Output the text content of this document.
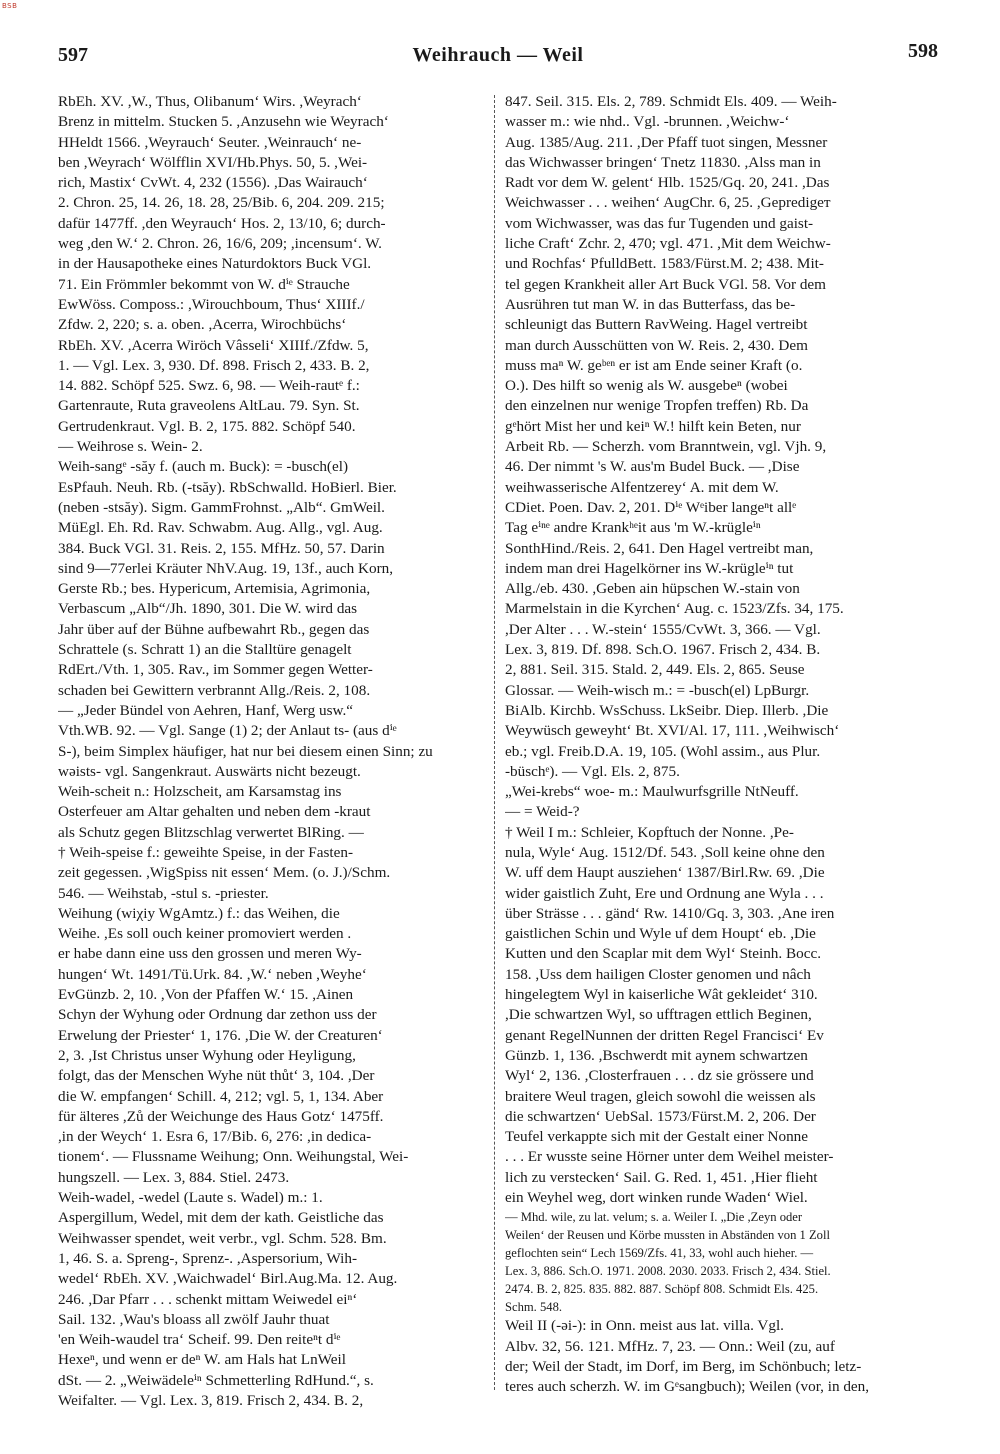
BSB
597	Weihrauch — Weil	598
RbEh. XV. ,W., Thus, Olibanum‘ Wirs. ,Weyrach‘
Brenz in mittelm. Stucken 5. ,Anzusehn wie Weyrach‘
HHeldt 1566. ,Weyrauch‘ Seuter. ,Weinrauch‘ ne-
ben ,Weyrach‘ Wölfflin XVI/Hb.Phys. 50, 5. ,Wei-
rich, Mastix‘ CvWt. 4, 232 (1556). ,Das Wairauch‘
2. Chron. 25, 14. 26, 18. 28, 25/Bib. 6, 204. 209. 215;
dafür 1477ff. ,den Weyrauch‘ Hos. 2, 13/10, 6; durch-
weg ,den W.‘ 2. Chron. 26, 16/6, 209; ,incensum‘. W.
in der Hausapotheke eines Naturdoktors Buck VGl.
71. Ein Frömmler bekommt von W. dⁱᵉ Strauche
EwWöss. Composs.: ,Wirouchboum, Thus‘ XIIIf./
Zfdw. 2, 220; s. a. oben. ,Acerra, Wirochbüchs‘
RbEh. XV. ,Acerra Wiröch Vâsseli‘ XIIIf./Zfdw. 5,
1. — Vgl. Lex. 3, 930. Df. 898. Frisch 2, 433. B. 2,
14. 882. Schöpf 525. Swz. 6, 98. — Weih-rautᵉ f.:
Gartenraute, Ruta graveolens AltLau. 79. Syn. St.
Gertrudenkraut. Vgl. B. 2, 175. 882. Schöpf 540.
— Weihrose s. Wein- 2.
Weih-sangᵉ -săy f. (auch m. Buck): = -busch(el)
EsPfauh. Neuh. Rb. (-tsăy). RbSchwalld. HoBierl. Bier.
(neben -stsăy). Sigm. GammFrohnst. „Alb“. GmWeil.
MüEgl. Eh. Rd. Rav. Schwabm. Aug. Allg., vgl. Aug.
384. Buck VGl. 31. Reis. 2, 155. MfHz. 50, 57. Darin
sind 9—77erlei Kräuter NhV.Aug. 19, 13f., auch Korn,
Gerste Rb.; bes. Hypericum, Artemisia, Agrimonia,
Verbascum „Alb“/Jh. 1890, 301. Die W. wird das
Jahr über auf der Bühne aufbewahrt Rb., gegen das
Schrattele (s. Schratt 1) an die Stalltüre genagelt
RdErt./Vth. 1, 305. Rav., im Sommer gegen Wetter-
schaden bei Gewittern verbrannt Allg./Reis. 2, 108.
— „Jeder Bündel von Aehren, Hanf, Werg usw.“
Vth.WB. 92. — Vgl. Sange (1) 2; der Anlaut ts- (aus dⁱᵉ
S-), beim Simplex häufiger, hat nur bei diesem einen Sinn; zu
wəists- vgl. Sangenkraut. Auswärts nicht bezeugt.
Weih-scheit n.: Holzscheit, am Karsamstag ins
Osterfeuer am Altar gehalten und neben dem -kraut
als Schutz gegen Blitzschlag verwertet BlRing. —
† Weih-speise f.: geweihte Speise, in der Fasten-
zeit gegessen. ,WigSpiss nit essen‘ Mem. (o. J.)/Schm.
546. — Weihstab, -stul s. -priester.
Weihung (wiχiy WgAmtz.) f.: das Weihen, die
Weihe. ,Es soll ouch keiner promoviert werden .
er habe dann eine uss den grossen und meren Wy-
hungen‘ Wt. 1491/Tü.Urk. 84. ,W.‘ neben ,Weyhe‘
EvGünzb. 2, 10. ,Von der Pfaffen W.‘ 15. ,Ainen
Schyn der Wyhung oder Ordnung dar zethon uss der
Erwelung der Priester‘ 1, 176. ,Die W. der Creaturen‘
2, 3. ,Ist Christus unser Wyhung oder Heyligung,
folgt, das der Menschen Wyhe nüt thůt‘ 3, 104. ,Der
die W. empfangen‘ Schill. 4, 212; vgl. 5, 1, 134. Aber
für älteres ,Zů der Weichunge des Haus Gotz‘ 1475ff.
,in der Weych‘ 1. Esra 6, 17/Bib. 6, 276: ,in dedica-
tionem‘. — Flussname Weihung; Onn. Weihungstal, Wei-
hungszell. — Lex. 3, 884. Stiel. 2473.
Weih-wadel, -wedel (Laute s. Wadel) m.: 1.
Aspergillum, Wedel, mit dem der kath. Geistliche das
Weihwasser spendet, weit verbr., vgl. Schm. 528. Bm.
1, 46. S. a. Spreng-, Sprenz-. ,Aspersorium, Wih-
wedel‘ RbEh. XV. ,Waichwadel‘ Birl.Aug.Ma. 12. Aug.
246. ,Dar Pfarr . . . schenkt mittam Weiwedel eiⁿ‘
Sail. 132. ,Wau's bloass all zwölf Jauhr thuat
'en Weih-waudel tra‘ Scheif. 99. Den reiteⁿt dⁱᵉ
Hexeⁿ, und wenn er deⁿ W. am Hals hat LnWeil
dSt. — 2. „Weiwädeleⁱⁿ Schmetterling RdHund.“, s.
Weifalter. — Vgl. Lex. 3, 819. Frisch 2, 434. B. 2,
847. Seil. 315. Els. 2, 789. Schmidt Els. 409. — Weih-
wasser m.: wie nhd.. Vgl. -brunnen. ,Weichw-‘
Aug. 1385/Aug. 211. ,Der Pfaff tuot singen, Messner
das Wichwasser bringen‘ Tnetz 11830. ,Alss man in
Radt vor dem W. gelent‘ Hlb. 1525/Gq. 20, 241. ,Das
Weichwasser . . . weihen‘ AugChr. 6, 25. ,Gepredigет
vom Wichwasser, was das fur Tugenden und gaist-
liche Craft‘ Zchr. 2, 470; vgl. 471. ,Mit dem Weichw-
und Rochfas‘ PfulldBett. 1583/Fürst.M. 2; 438. Mit-
tel gegen Krankheit aller Art Buck VGl. 58. Vor dem
Ausrühren tut man W. in das Butterfass, das be-
schleunigt das Buttern RavWeing. Hagel vertreibt
man durch Ausschütten von W. Reis. 2, 430. Dem
muss maⁿ W. geᵇᵉⁿ er ist am Ende seiner Kraft (o.
O.). Des hilft so wenig als W. ausgebeⁿ (wobei
den einzelnen nur wenige Tropfen treffen) Rb. Da
gᵉhört Mist her und keiⁿ W.! hilft kein Beten, nur
Arbeit Rb. — Scherzh. vom Branntwein, vgl. Vjh. 9,
46. Der nimmt 's W. aus'm Budel Buck. — ,Dise
weihwasserische Alfentzerey‘ A. mit dem W.
CDiet. Poen. Dav. 2, 201. Dⁱᵉ Wᵉiber langeⁿt allᵉ
Tag eⁱⁿᵉ andre Krankʰᵉit aus 'm W.-krügleⁱⁿ
SonthHind./Reis. 2, 641. Den Hagel vertreibt man,
indem man drei Hagelkörner ins W.-krügleⁱⁿ tut
Allg./eb. 430. ,Geben ain hüpschen W.-stain von
Marmelstain in die Kyrchen‘ Aug. c. 1523/Zfs. 34, 175.
,Der Alter . . . W.-stein‘ 1555/CvWt. 3, 366. — Vgl.
Lex. 3, 819. Df. 898. Sch.O. 1967. Frisch 2, 434. B.
2, 881. Seil. 315. Stald. 2, 449. Els. 2, 865. Seuse
Glossar. — Weih-wisch m.: = -busch(el) LpBurgr.
BiAlb. Kirchb. WsSchuss. LkSeibr. Diep. Illerb. ,Die
Weywüsch geweyht‘ Bt. XVI/Al. 17, 111. ,Weihwisch‘
eb.; vgl. Freib.D.A. 19, 105. (Wohl assim., aus Plur.
-büschᵉ). — Vgl. Els. 2, 875.
„Wei-krebs“ woe- m.: Maulwurfsgrille NtNeuff.
— = Weid-?
† Weil I m.: Schleier, Kopftuch der Nonne. ,Pe-
nula, Wyle‘ Aug. 1512/Df. 543. ,Soll keine ohne den
W. uff dem Haupt ausziehen‘ 1387/Birl.Rw. 69. ,Die
wider gaistlich Zuht, Ere und Ordnung ane Wyla . . .
über Strässe . . . gänd‘ Rw. 1410/Gq. 3, 303. ,Ane iren
gaistlichen Schin und Wyle uf dem Houpt‘ eb. ,Die
Kutten und den Scaplar mit dem Wyl‘ Steinh. Bocc.
158. ,Uss dem hailigen Closter genomen und nâch
hingelegtem Wyl in kaiserliche Wât gekleidet‘ 310.
,Die schwartzen Wyl, so ufftragen ettlich Beginen,
genant RegelNunnen der dritten Regel Francisci‘ Ev
Günzb. 1, 136. ,Bschwerdt mit aynem schwartzen
Wyl‘ 2, 136. ,Closterfrauen . . . dz sie grössere und
braitere Weul tragen, gleich sowohl die weissen als
die schwartzen‘ UebSal. 1573/Fürst.M. 2, 206. Der
Teufel verkappte sich mit der Gestalt einer Nonne
. . . Er wusste seine Hörner unter dem Weihel meister-
lich zu verstecken‘ Sail. G. Red. 1, 451. ,Hier flieht
ein Weyhel weg, dort winken runde Waden‘ Wiel.
— Mhd. wile, zu lat. velum; s. a. Weiler I. „Die ,Zeyn oder
Weilen‘ der Reusen und Körbe mussten in Abständen von 1 Zoll
geflochten sein“ Lech 1569/Zfs. 41, 33, wohl auch hieher. —
Lex. 3, 886. Sch.O. 1971. 2008. 2030. 2033. Frisch 2, 434. Stiel.
2474. B. 2, 825. 835. 882. 887. Schöpf 808. Schmidt Els. 425.
Schm. 548.
Weil II (-əi-): in Onn. meist aus lat. villa. Vgl.
Albv. 32, 56. 121. MfHz. 7, 23. — Onn.: Weil (zu, auf
der; Weil der Stadt, im Dorf, im Berg, im Schönbuch; letz-
teres auch scherzh. W. im Gᵉsangbuch); Weilen (vor, in den,
